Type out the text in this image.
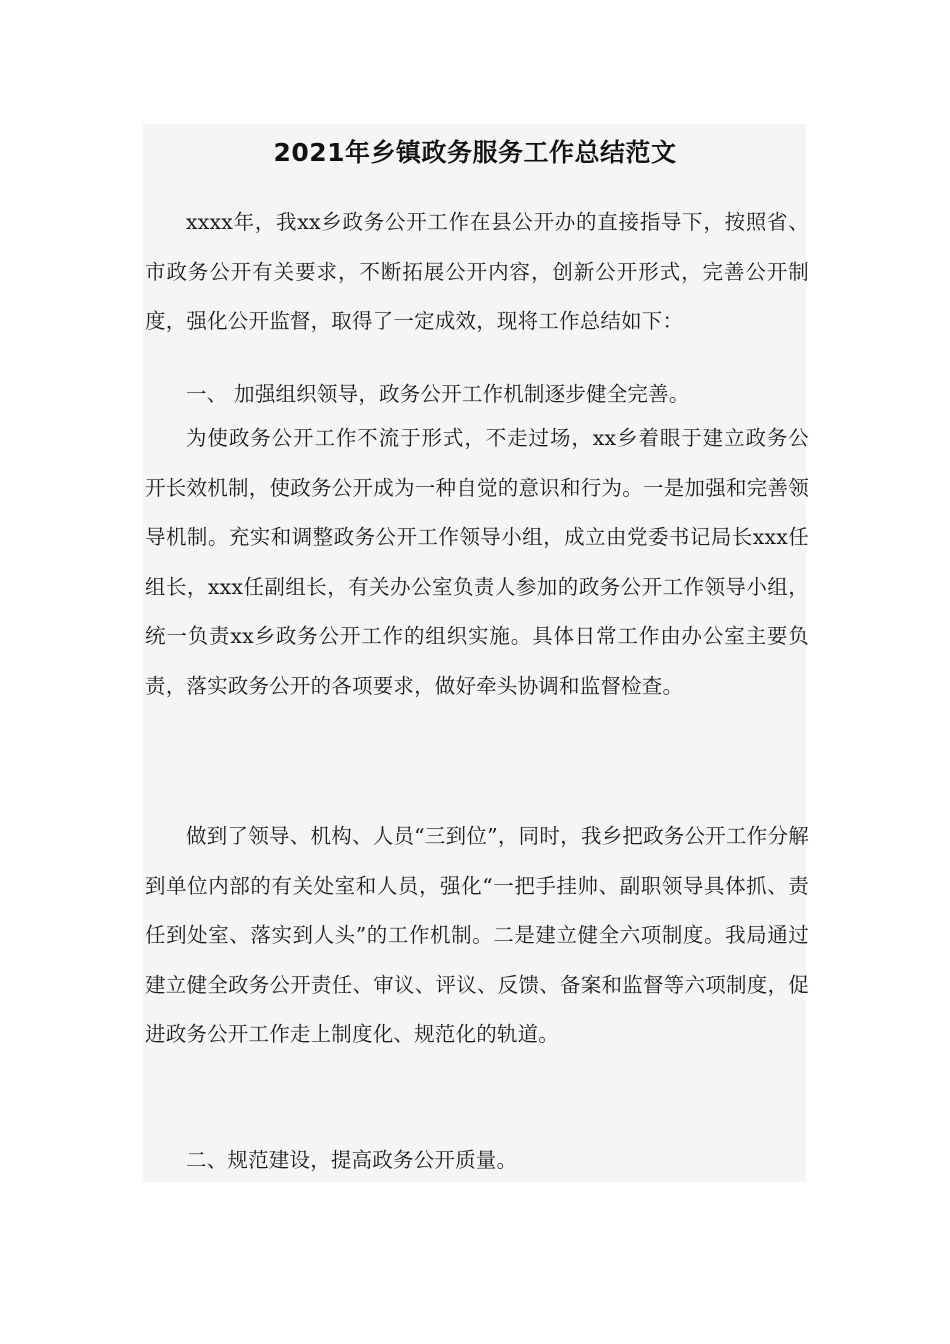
2021年乡镇政务服务工作总结范文
xxxx年，我xx乡政务公开工作在县公开办的直接指导下，按照省、市政务公开有关要求，不断拓展公开内容，创新公开形式，完善公开制度，强化公开监督，取得了一定成效，现将工作总结如下：
一、 加强组织领导，政务公开工作机制逐步健全完善。
为使政务公开工作不流于形式，不走过场，xx乡着眼于建立政务公开长效机制，使政务公开成为一种自觉的意识和行为。一是加强和完善领导机制。充实和调整政务公开工作领导小组，成立由党委书记局长xxx任组长，xxx任副组长，有关办公室负责人参加的政务公开工作领导小组，统一负责xx乡政务公开工作的组织实施。具体日常工作由办公室主要负责，落实政务公开的各项要求，做好牵头协调和监督检查。
做到了领导、机构、人员“三到位”，同时，我乡把政务公开工作分解到单位内部的有关处室和人员，强化“一把手挂帅、副职领导具体抓、责任到处室、落实到人头”的工作机制。二是建立健全六项制度。我局通过建立健全政务公开责任、审议、评议、反馈、备案和监督等六项制度，促进政务公开工作走上制度化、规范化的轨道。
二、规范建设，提高政务公开质量。
